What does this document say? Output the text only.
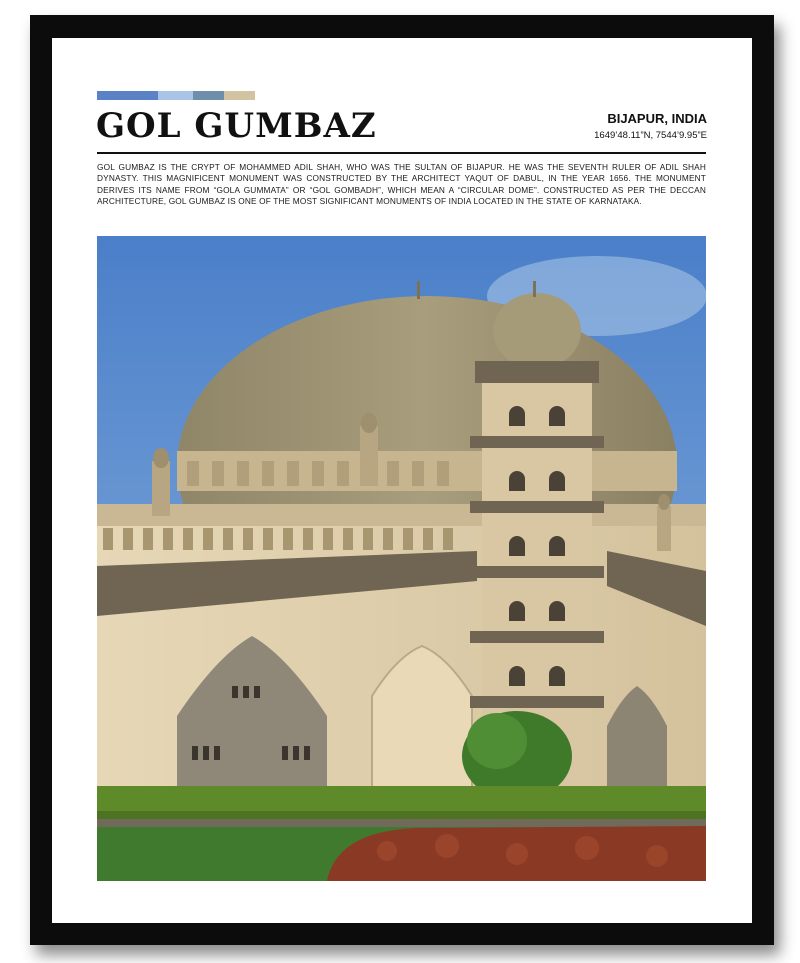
GOL GUMBAZ	BIJAPUR, INDIA
1649’48.11”N, 7544’9.95”E
GOL GUMBAZ IS THE CRYPT OF MOHAMMED ADIL SHAH, WHO WAS THE SULTAN OF BIJAPUR. HE WAS THE SEVENTH RULER OF ADIL SHAH DYNASTY. THIS MAGNIFICENT MONUMENT WAS CONSTRUCTED BY THE ARCHITECT YAQUT OF DABUL, IN THE YEAR 1656. THE MONUMENT DERIVES ITS NAME FROM “GOLA GUMMATA” OR “GOL GOMBADH”, WHICH MEAN A “CIRCULAR DOME”. CONSTRUCTED AS PER THE DECCAN ARCHITECTURE, GOL GUMBAZ IS ONE OF THE MOST SIGNIFICANT MONUMENTS OF INDIA LOCATED IN THE STATE OF KARNATAKA.
